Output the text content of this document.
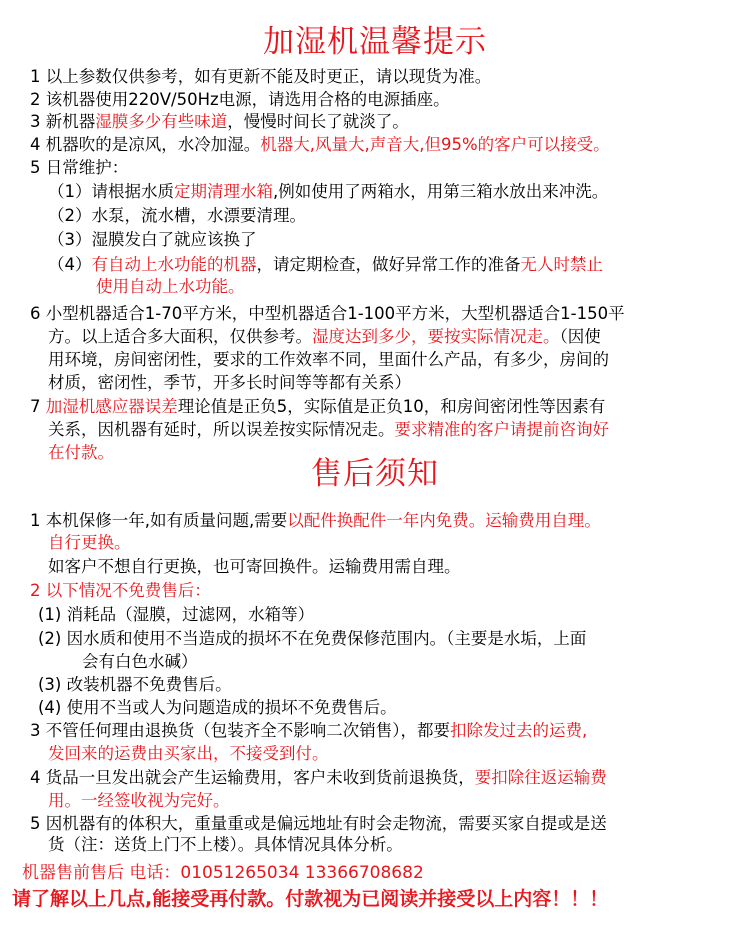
加湿机温馨提示
1 以上参数仅供参考，如有更新不能及时更正，请以现货为准。
2 该机器使用220V/50Hz电源，请选用合格的电源插座。
3 新机器湿膜多少有些味道，慢慢时间长了就淡了。
4 机器吹的是凉风，水冷加湿。机器大,风量大,声音大,但95%的客户可以接受。
5 日常维护：
（1）请根据水质定期清理水箱,例如使用了两箱水，用第三箱水放出来冲洗。
（2）水泵，流水槽，水漂要清理。
（3）湿膜发白了就应该换了
（4）有自动上水功能的机器，请定期检查，做好异常工作的准备无人时禁止
使用自动上水功能。
6 小型机器适合1-70平方米，中型机器适合1-100平方米，大型机器适合1-150平
方。以上适合多大面积，仅供参考。湿度达到多少，要按实际情况走。（因使
用环境，房间密闭性，要求的工作效率不同，里面什么产品，有多少，房间的
材质，密闭性，季节，开多长时间等等都有关系）
7 加湿机感应器误差理论值是正负5，实际值是正负10，和房间密闭性等因素有
关系，因机器有延时，所以误差按实际情况走。要求精准的客户请提前咨询好
在付款。
售后须知
1 本机保修一年,如有质量问题,需要以配件换配件一年内免费。运输费用自理。
自行更换。
如客户不想自行更换，也可寄回换件。运输费用需自理。
2 以下情况不免费售后：
(1) 消耗品（湿膜，过滤网，水箱等）
(2) 因水质和使用不当造成的损坏不在免费保修范围内。（主要是水垢，上面
会有白色水碱）
(3) 改装机器不免费售后。
(4) 使用不当或人为问题造成的损坏不免费售后。
3 不管任何理由退换货（包装齐全不影响二次销售），都要扣除发过去的运费,
发回来的运费由买家出，不接受到付。
4 货品一旦发出就会产生运输费用，客户未收到货前退换货，要扣除往返运输费
用。一经签收视为完好。
5 因机器有的体积大，重量重或是偏远地址有时会走物流，需要买家自提或是送
货（注：送货上门不上楼）。具体情况具体分析。
机器售前售后 电话：01051265034 13366708682
请了解以上几点,能接受再付款。付款视为已阅读并接受以上内容！！！
